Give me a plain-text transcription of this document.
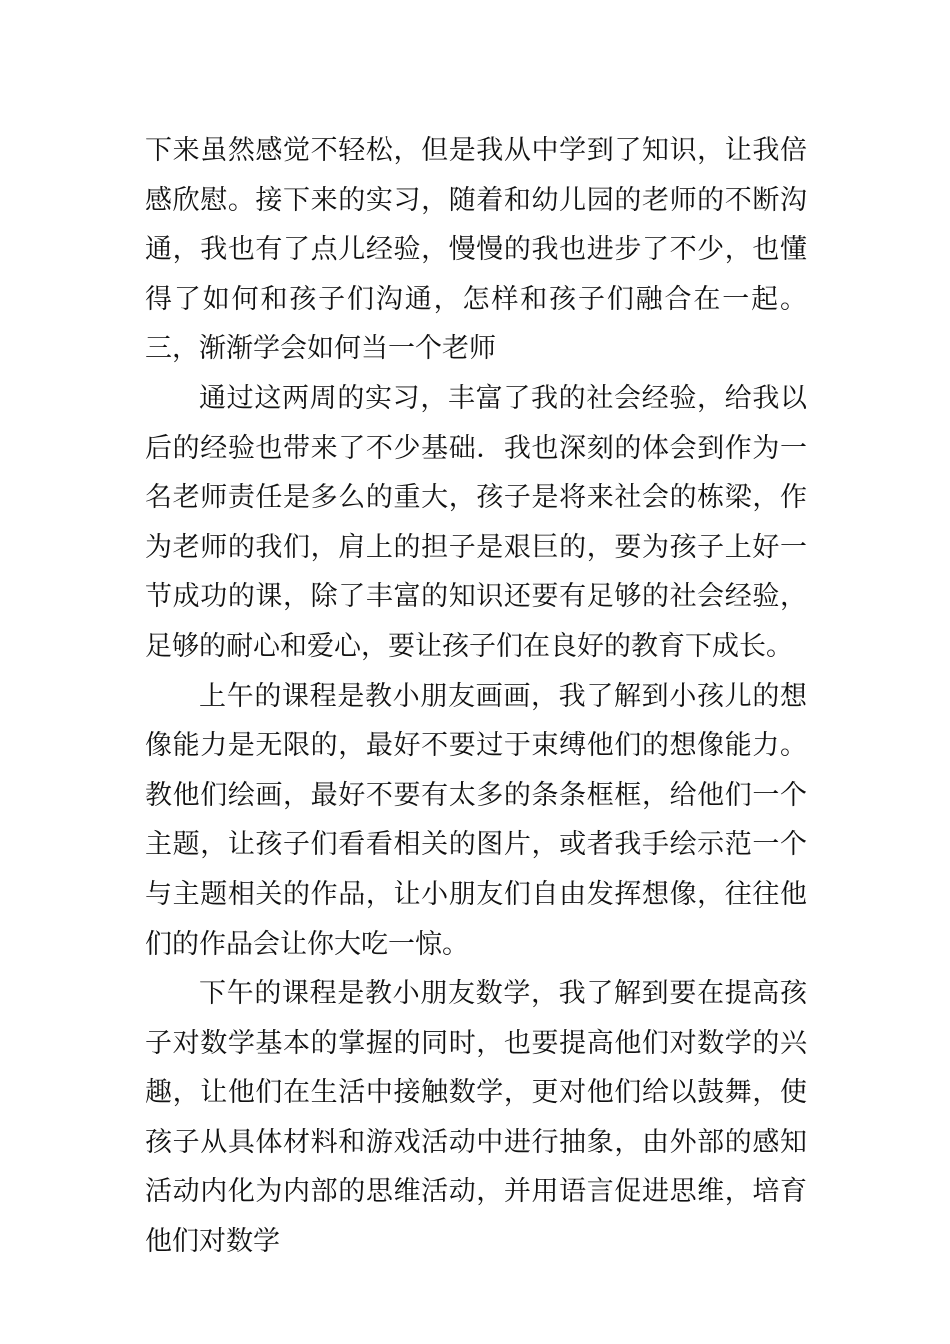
下来虽然感觉不轻松，但是我从中学到了知识，让我倍感欣慰。接下来的实习，随着和幼儿园的老师的不断沟通，我也有了点儿经验，慢慢的我也进步了不少，也懂得了如何和孩子们沟通，怎样和孩子们融合在一起。 三，渐渐学会如何当一个老师

通过这两周的实习，丰富了我的社会经验，给我以后的经验也带来了不少基础．我也深刻的体会到作为一名老师责任是多么的重大，孩子是将来社会的栋梁，作为老师的我们，肩上的担子是艰巨的，要为孩子上好一节成功的课，除了丰富的知识还要有足够的社会经验，足够的耐心和爱心，要让孩子们在良好的教育下成长。

上午的课程是教小朋友画画，我了解到小孩儿的想像能力是无限的，最好不要过于束缚他们的想像能力。教他们绘画，最好不要有太多的条条框框，给他们一个主题，让孩子们看看相关的图片，或者我手绘示范一个与主题相关的作品，让小朋友们自由发挥想像，往往他们的作品会让你大吃一惊。

下午的课程是教小朋友数学，我了解到要在提高孩子对数学基本的掌握的同时，也要提高他们对数学的兴趣，让他们在生活中接触数学，更对他们给以鼓舞，使孩子从具体材料和游戏活动中进行抽象，由外部的感知活动内化为内部的思维活动，并用语言促进思维，培育他们对数学
